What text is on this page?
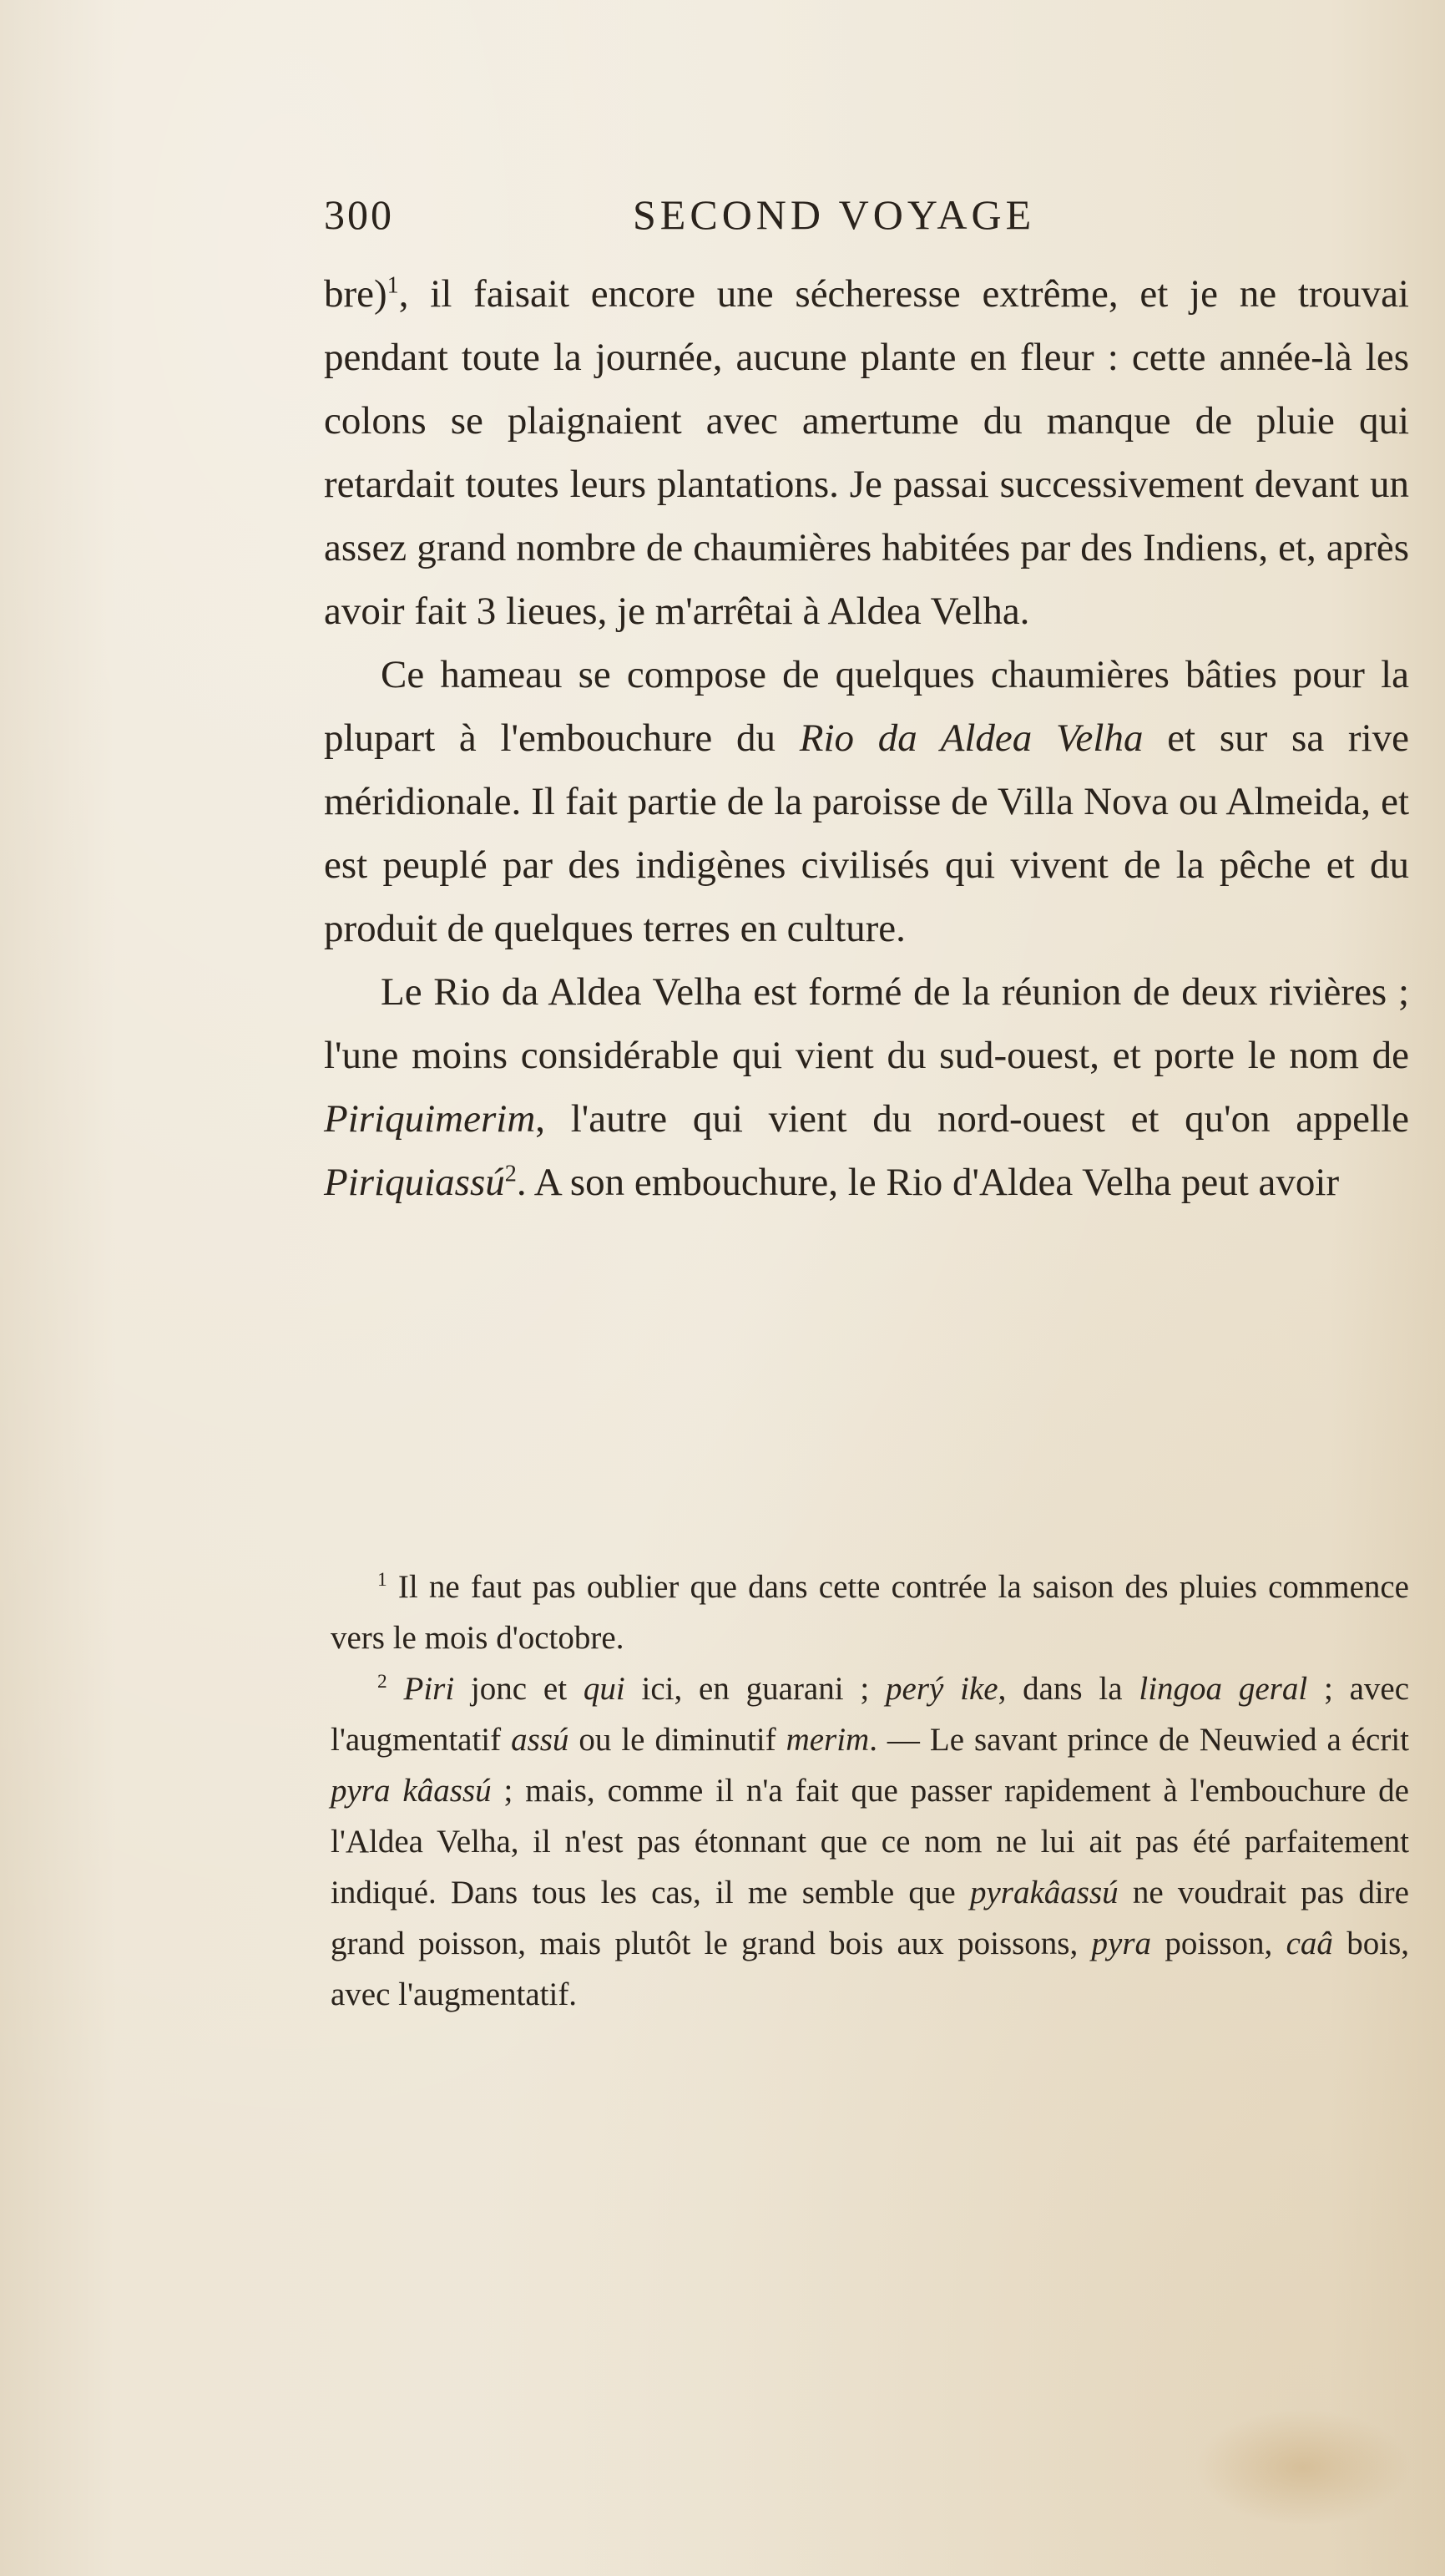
300	SECOND VOYAGE

bre)$^1$, il faisait encore une sécheresse extrême, et je ne trouvai pendant toute la journée, aucune plante en fleur : cette année-là les colons se plaignaient avec amertume du manque de pluie qui retardait toutes leurs plantations. Je passai successivement devant un assez grand nombre de chaumières habitées par des Indiens, et, après avoir fait 3 lieues, je m'arrêtai à Aldea Velha.

Ce hameau se compose de quelques chaumières bâties pour la plupart à l'embouchure du Rio da Aldea Velha et sur sa rive méridionale. Il fait partie de la paroisse de Villa Nova ou Almeida, et est peuplé par des indigènes civilisés qui vivent de la pêche et du produit de quelques terres en culture.

Le Rio da Aldea Velha est formé de la réunion de deux rivières ; l'une moins considérable qui vient du sud-ouest, et porte le nom de Piriquimerim, l'autre qui vient du nord-ouest et qu'on appelle Piriquiassú$^2$. A son embouchure, le Rio d'Aldea Velha peut avoir

$^1$ Il ne faut pas oublier que dans cette contrée la saison des pluies commence vers le mois d'octobre.

$^2$ Piri jonc et qui ici, en guarani ; perý ike, dans la lingoa geral ; avec l'augmentatif assú ou le diminutif merim. — Le savant prince de Neuwied a écrit pyra kâassú ; mais, comme il n'a fait que passer rapidement à l'embouchure de l'Aldea Velha, il n'est pas étonnant que ce nom ne lui ait pas été parfaitement indiqué. Dans tous les cas, il me semble que pyrakâassú ne voudrait pas dire grand poisson, mais plutôt le grand bois aux poissons, pyra poisson, caâ bois, avec l'augmentatif.
